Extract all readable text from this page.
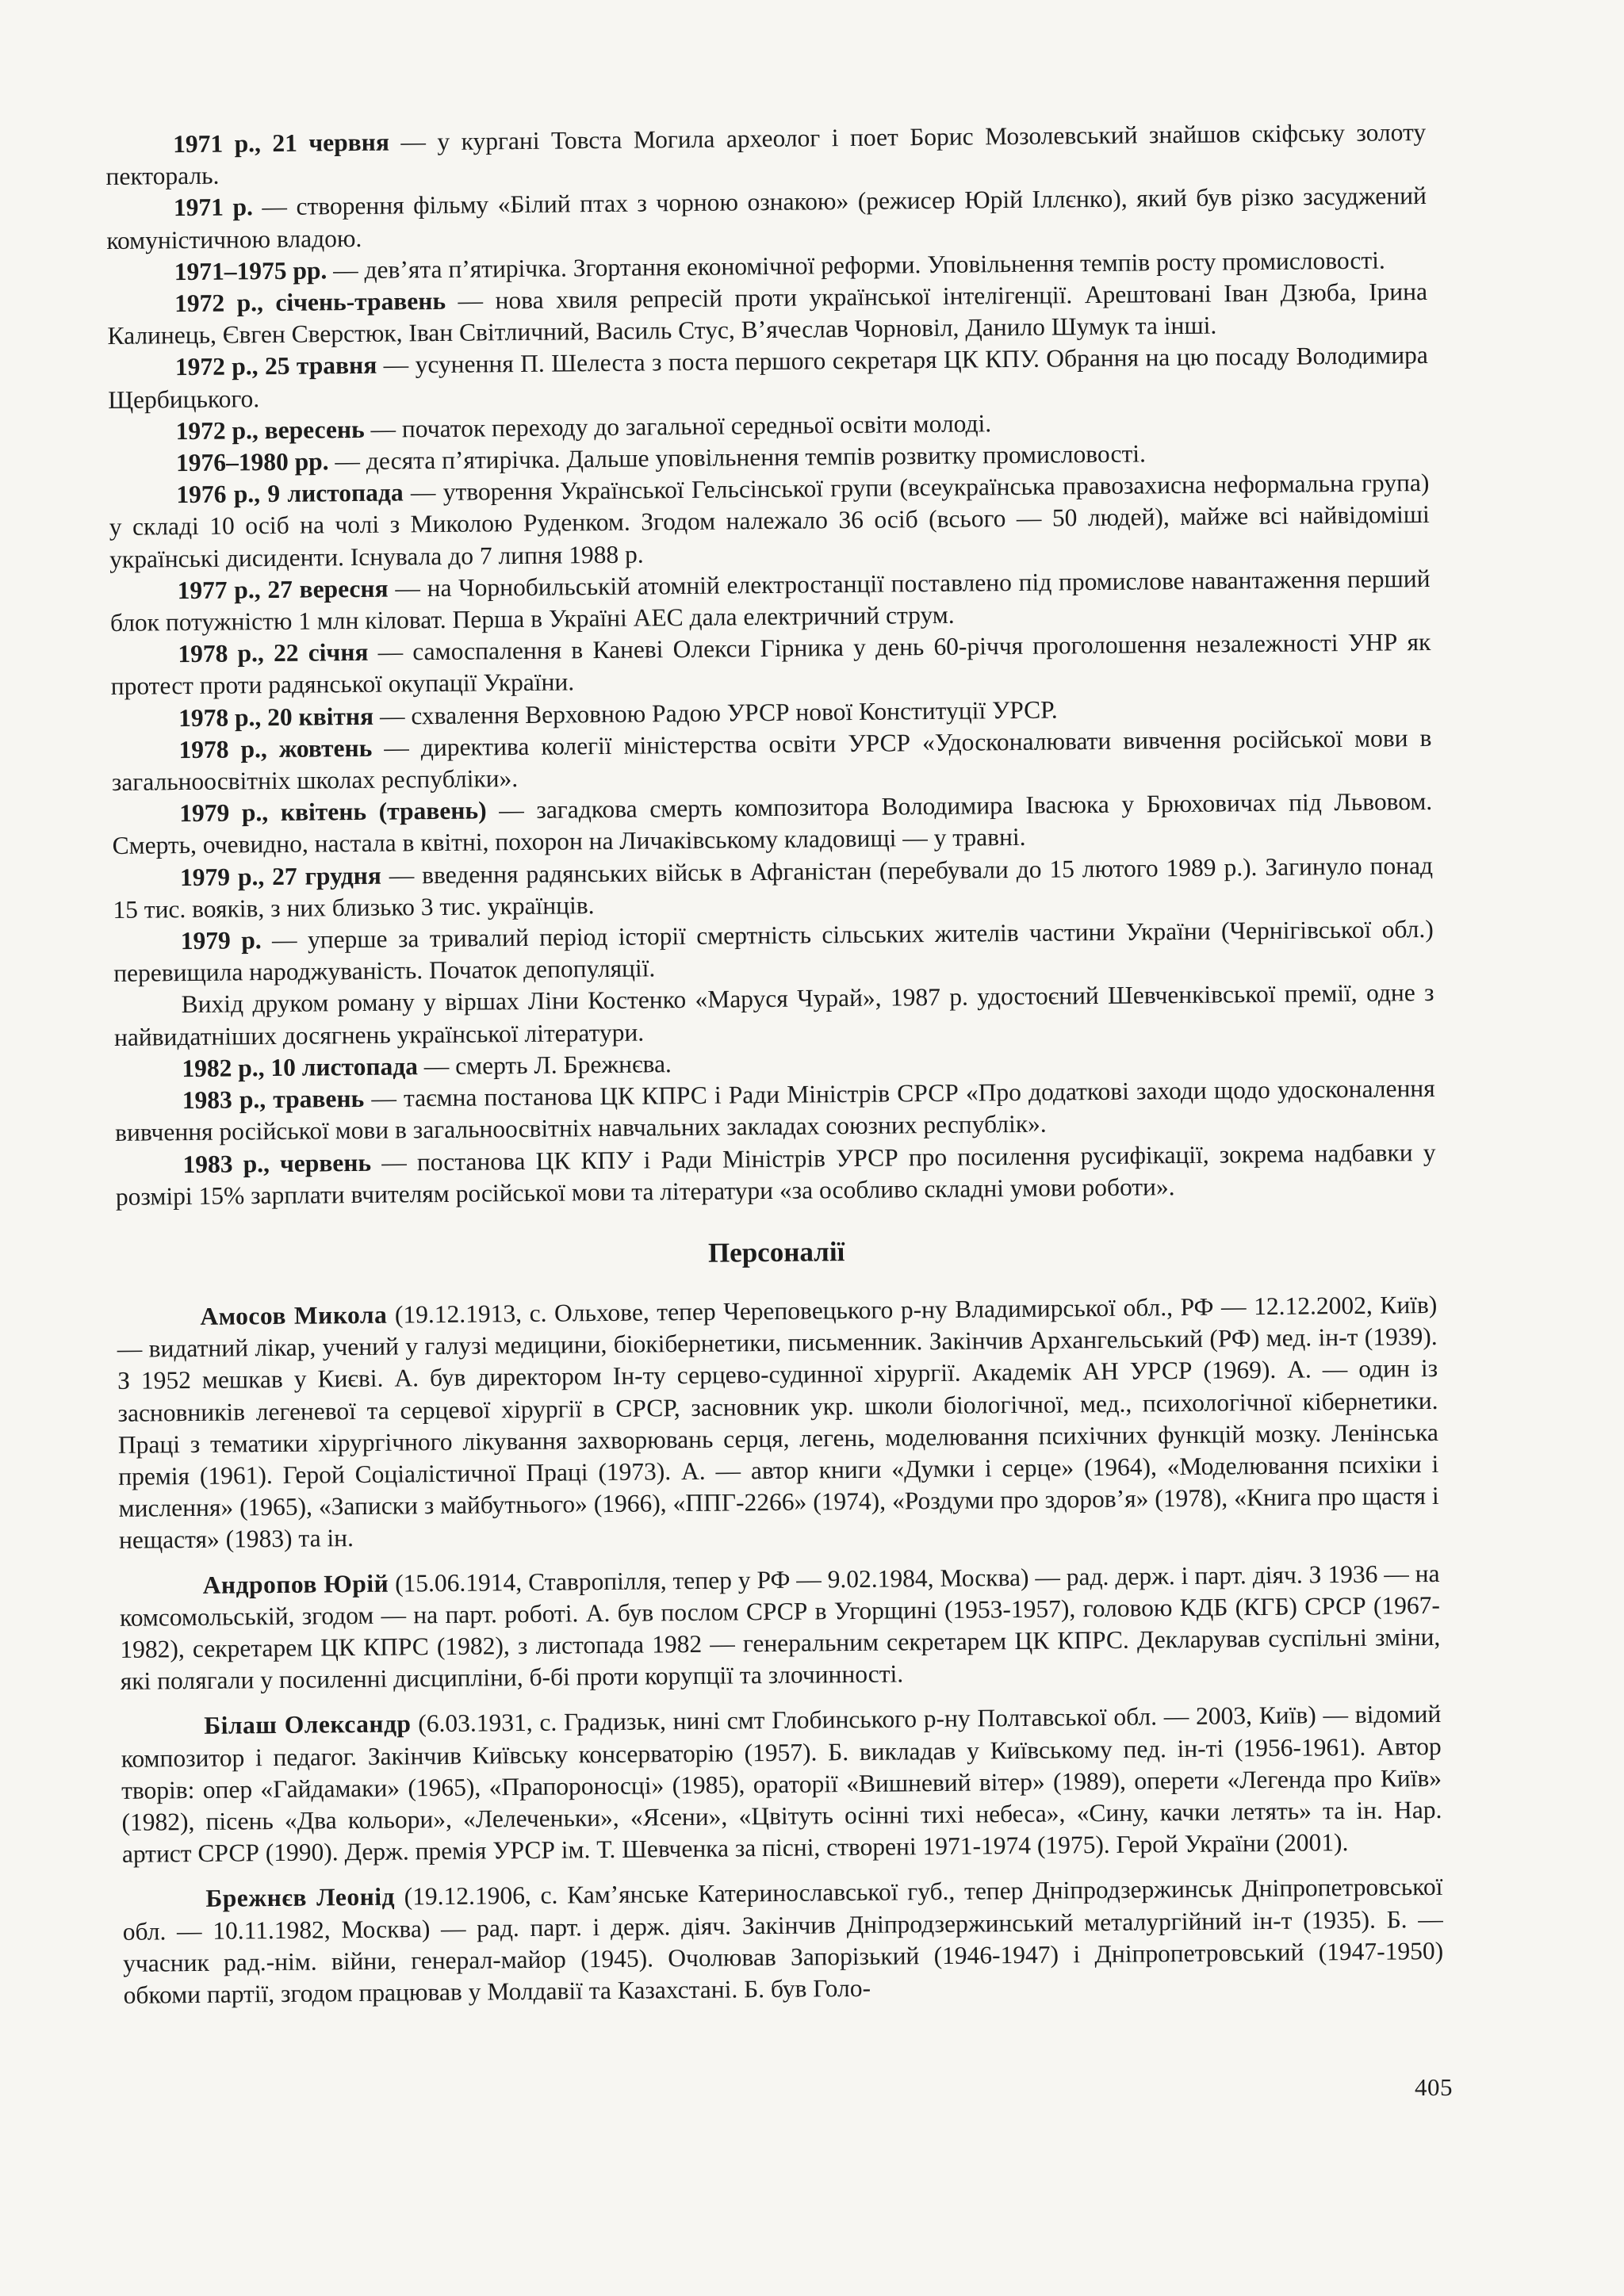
1971 р., 21 червня — у кургані Товста Могила археолог і поет Борис Мозолевський знайшов скіфську золоту пектораль.

1971 р. — створення фільму «Білий птах з чорною ознакою» (режисер Юрій Іллєнко), який був різко засуджений комуністичною владою.

1971–1975 рр. — дев’ята п’ятирічка. Згортання економічної реформи. Уповільнення темпів росту промисловості.

1972 р., січень-травень — нова хвиля репресій проти української інтелігенції. Арештовані Іван Дзюба, Ірина Калинець, Євген Сверстюк, Іван Світличний, Василь Стус, В’ячеслав Чорновіл, Данило Шумук та інші.

1972 р., 25 травня — усунення П. Шелеста з поста першого секретаря ЦК КПУ. Обрання на цю посаду Володимира Щербицького.

1972 р., вересень — початок переходу до загальної середньої освіти молоді.

1976–1980 рр. — десята п’ятирічка. Дальше уповільнення темпів розвитку промисловості.

1976 р., 9 листопада — утворення Української Гельсінської групи (всеукраїнська правозахисна неформальна група) у складі 10 осіб на чолі з Миколою Руденком. Згодом належало 36 осіб (всього — 50 людей), майже всі найвідоміші українські дисиденти. Існувала до 7 липня 1988 р.

1977 р., 27 вересня — на Чорнобильській атомній електростанції поставлено під промислове навантаження перший блок потужністю 1 млн кіловат. Перша в Україні АЕС дала електричний струм.

1978 р., 22 січня — самоспалення в Каневі Олекси Гірника у день 60-річчя проголошення незалежності УНР як протест проти радянської окупації України.

1978 р., 20 квітня — схвалення Верховною Радою УРСР нової Конституції УРСР.

1978 р., жовтень — директива колегії міністерства освіти УРСР «Удосконалювати вивчення російської мови в загальноосвітніх школах республіки».

1979 р., квітень (травень) — загадкова смерть композитора Володимира Івасюка у Брюховичах під Львовом. Смерть, очевидно, настала в квітні, похорон на Личаківському кладовищі — у травні.

1979 р., 27 грудня — введення радянських військ в Афганістан (перебували до 15 лютого 1989 р.). Загинуло понад 15 тис. вояків, з них близько 3 тис. українців.

1979 р. — уперше за тривалий період історії смертність сільських жителів частини України (Чернігівської обл.) перевищила народжуваність. Початок депопуляції.

Вихід друком роману у віршах Ліни Костенко «Маруся Чурай», 1987 р. удостоєний Шевченківської премії, одне з найвидатніших досягнень української літератури.

1982 р., 10 листопада — смерть Л. Брежнєва.

1983 р., травень — таємна постанова ЦК КПРС і Ради Міністрів СРСР «Про додаткові заходи щодо удосконалення вивчення російської мови в загальноосвітніх навчальних закладах союзних республік».

1983 р., червень — постанова ЦК КПУ і Ради Міністрів УРСР про посилення русифікації, зокрема надбавки у розмірі 15% зарплати вчителям російської мови та літератури «за особливо складні умови роботи».

Персоналії

Амосов Микола (19.12.1913, с. Ольхове, тепер Череповецького р-ну Владимирської обл., РФ — 12.12.2002, Київ) — видатний лікар, учений у галузі медицини, біокібернетики, письменник. Закінчив Архангельський (РФ) мед. ін-т (1939). З 1952 мешкав у Києві. А. був директором Ін-ту серцево-судинної хірургії. Академік АН УРСР (1969). А. — один із засновників легеневої та серцевої хірургії в СРСР, засновник укр. школи біологічної, мед., психологічної кібернетики. Праці з тематики хірургічного лікування захворювань серця, легень, моделювання психічних функцій мозку. Ленінська премія (1961). Герой Соціалістичної Праці (1973). А. — автор книги «Думки і серце» (1964), «Моделювання психіки і мислення» (1965), «Записки з майбутнього» (1966), «ППГ-2266» (1974), «Роздуми про здоров’я» (1978), «Книга про щастя і нещастя» (1983) та ін.

Андропов Юрій (15.06.1914, Ставропілля, тепер у РФ — 9.02.1984, Москва) — рад. держ. і парт. діяч. З 1936 — на комсомольській, згодом — на парт. роботі. А. був послом СРСР в Угорщині (1953-1957), головою КДБ (КГБ) СРСР (1967-1982), секретарем ЦК КПРС (1982), з листопада 1982 — генеральним секретарем ЦК КПРС. Декларував суспільні зміни, які полягали у посиленні дисципліни, б-бі проти корупції та злочинності.

Білаш Олександр (6.03.1931, с. Градизьк, нині смт Глобинського р-ну Полтавської обл. — 2003, Київ) — відомий композитор і педагог. Закінчив Київську консерваторію (1957). Б. викладав у Київському пед. ін-ті (1956-1961). Автор творів: опер «Гайдамаки» (1965), «Прапороносці» (1985), ораторії «Вишневий вітер» (1989), оперети «Легенда про Київ» (1982), пісень «Два кольори», «Лелеченьки», «Ясени», «Цвітуть осінні тихі небеса», «Сину, качки летять» та ін. Нар. артист СРСР (1990). Держ. премія УРСР ім. Т. Шевченка за пісні, створені 1971-1974 (1975). Герой України (2001).

Брежнєв Леонід (19.12.1906, с. Кам’янське Катеринославської губ., тепер Дніпродзержинськ Дніпропетровської обл. — 10.11.1982, Москва) — рад. парт. і держ. діяч. Закінчив Дніпродзержинський металургійний ін-т (1935). Б. — учасник рад.-нім. війни, генерал-майор (1945). Очолював Запорізький (1946-1947) і Дніпропетровський (1947-1950) обкоми партії, згодом працював у Молдавії та Казахстані. Б. був Голо-

405
